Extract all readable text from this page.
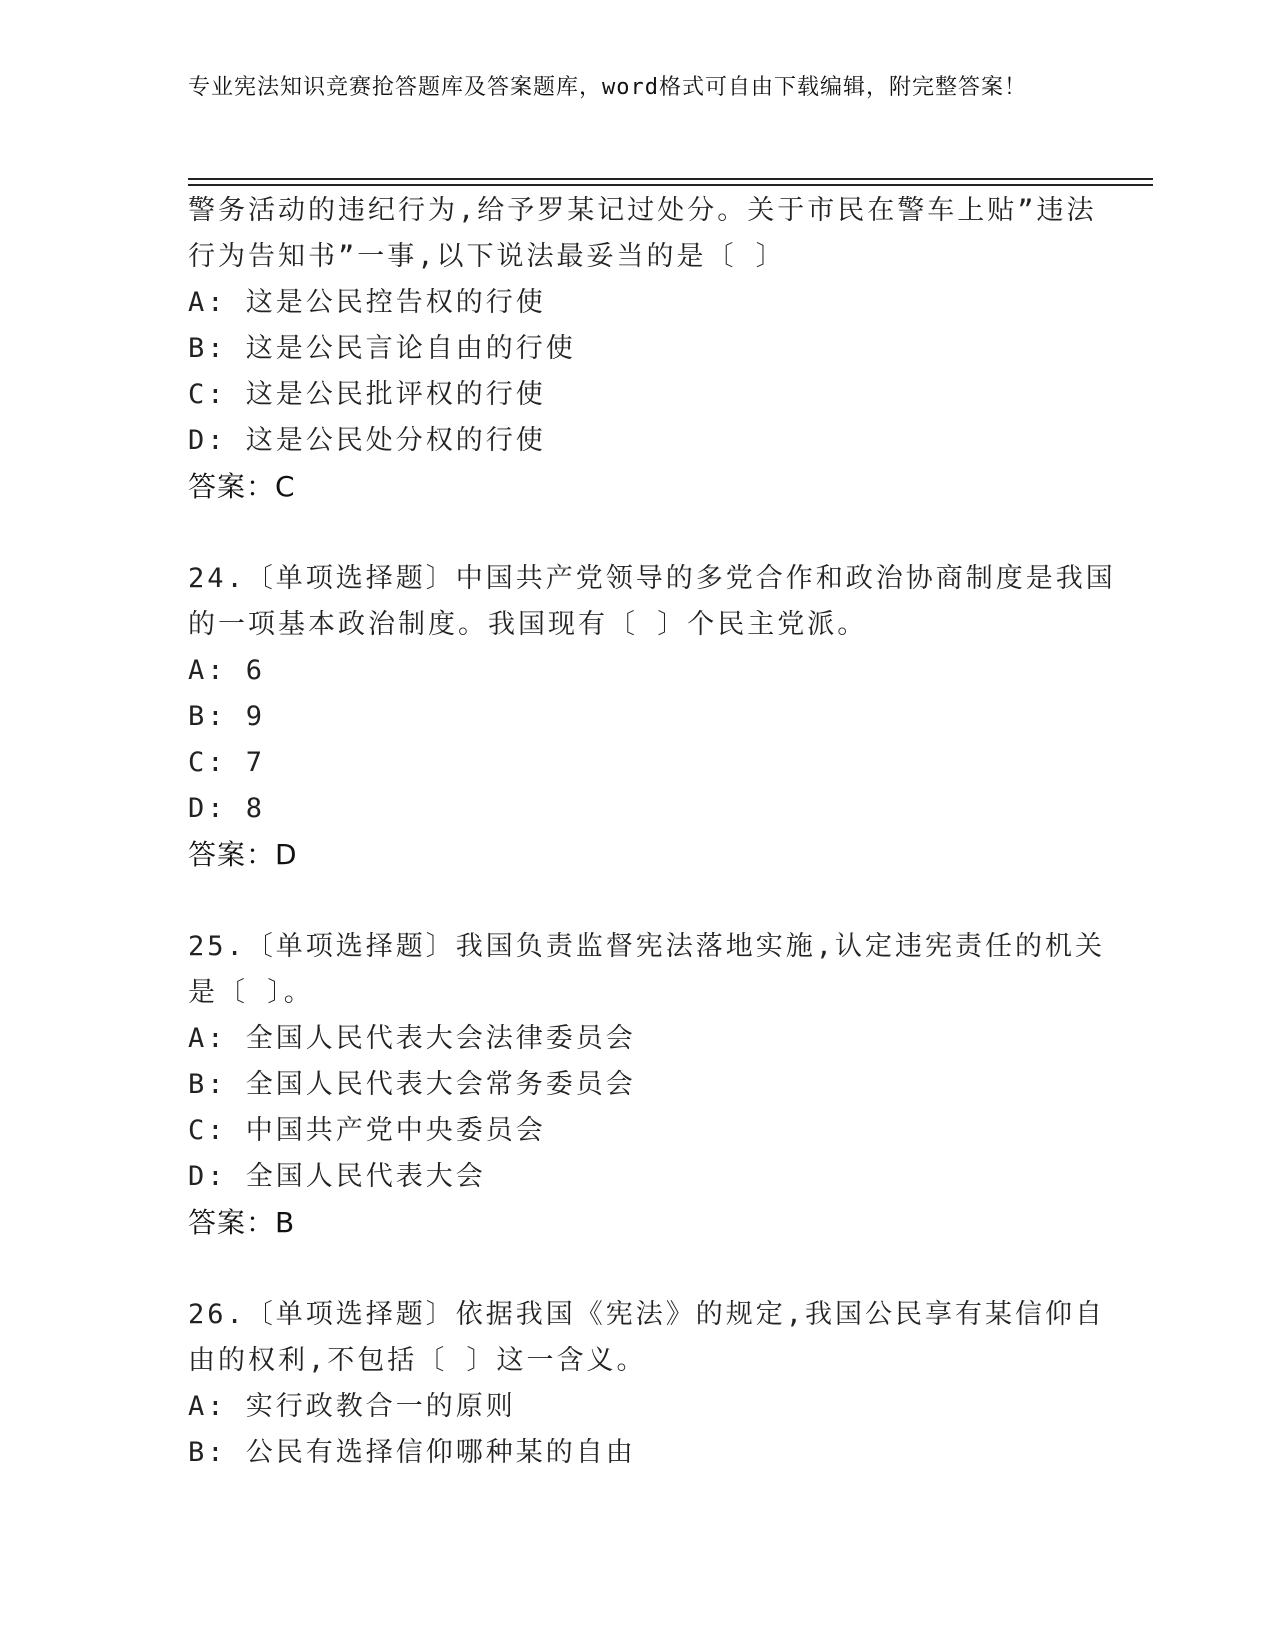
专业宪法知识竞赛抢答题库及答案题库，word格式可自由下载编辑，附完整答案！
警务活动的违纪行为,给予罗某记过处分。关于市民在警车上贴”违法
行为告知书”一事,以下说法最妥当的是〔 〕
A: 这是公民控告权的行使
B: 这是公民言论自由的行使
C: 这是公民批评权的行使
D: 这是公民处分权的行使
答案：C
24.〔单项选择题〕中国共产党领导的多党合作和政治协商制度是我国
的一项基本政治制度。我国现有〔 〕个民主党派。
A: 6
B: 9
C: 7
D: 8
答案：D
25.〔单项选择题〕我国负责监督宪法落地实施,认定违宪责任的机关
是〔 〕。
A: 全国人民代表大会法律委员会
B: 全国人民代表大会常务委员会
C: 中国共产党中央委员会
D: 全国人民代表大会
答案：B
26.〔单项选择题〕依据我国《宪法》的规定,我国公民享有某信仰自
由的权利,不包括〔 〕这一含义。
A: 实行政教合一的原则
B: 公民有选择信仰哪种某的自由
